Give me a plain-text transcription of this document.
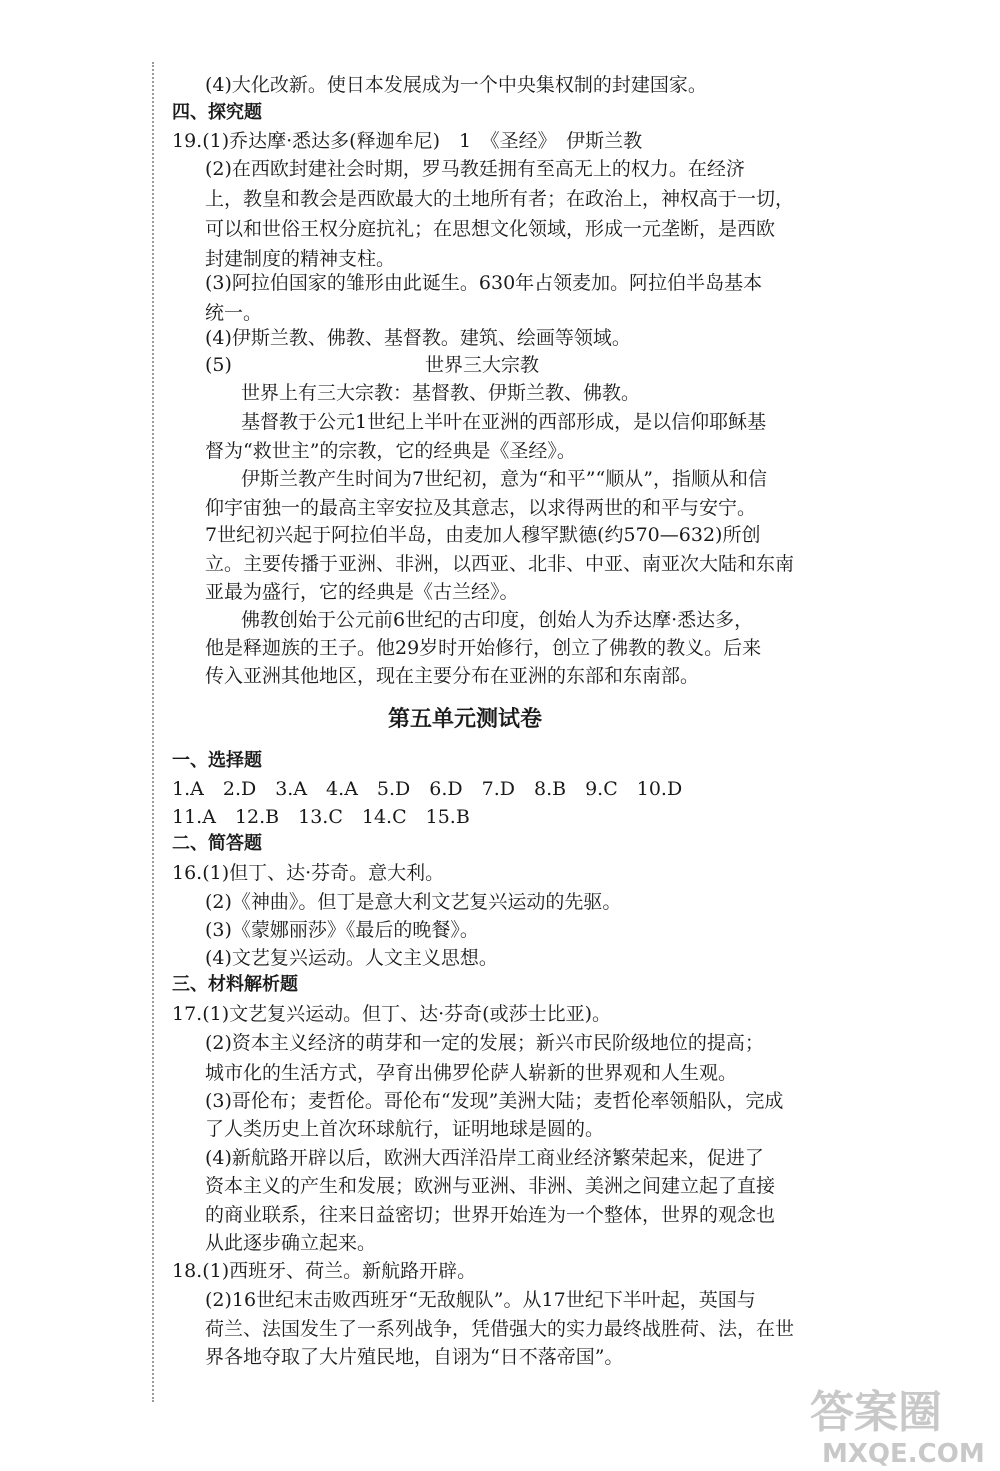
(4)大化改新。使日本发展成为一个中央集权制的封建国家。
四、探究题
19.(1)乔达摩·悉达多(释迦牟尼)　1　《圣经》　伊斯兰教
(2)在西欧封建社会时期，罗马教廷拥有至高无上的权力。在经济
上，教皇和教会是西欧最大的土地所有者；在政治上，神权高于一切，
可以和世俗王权分庭抗礼；在思想文化领域，形成一元垄断，是西欧
封建制度的精神支柱。
(3)阿拉伯国家的雏形由此诞生。630年占领麦加。阿拉伯半岛基本
统一。
(4)伊斯兰教、佛教、基督教。建筑、绘画等领域。
(5)	世界三大宗教
世界上有三大宗教：基督教、伊斯兰教、佛教。
基督教于公元1世纪上半叶在亚洲的西部形成，是以信仰耶稣基
督为“救世主”的宗教，它的经典是《圣经》。
伊斯兰教产生时间为7世纪初，意为“和平”“顺从”，指顺从和信
仰宇宙独一的最高主宰安拉及其意志，以求得两世的和平与安宁。
7世纪初兴起于阿拉伯半岛，由麦加人穆罕默德(约570—632)所创
立。主要传播于亚洲、非洲，以西亚、北非、中亚、南亚次大陆和东南
亚最为盛行，它的经典是《古兰经》。
佛教创始于公元前6世纪的古印度，创始人为乔达摩·悉达多，
他是释迦族的王子。他29岁时开始修行，创立了佛教的教义。后来
传入亚洲其他地区，现在主要分布在亚洲的东部和东南部。
第五单元测试卷
一、选择题
1.A　2.D　3.A　4.A　5.D　6.D　7.D　8.B　9.C　10.D
11.A　12.B　13.C　14.C　15.B
二、简答题
16.(1)但丁、达·芬奇。意大利。
(2)《神曲》。但丁是意大利文艺复兴运动的先驱。
(3)《蒙娜丽莎》《最后的晚餐》。
(4)文艺复兴运动。人文主义思想。
三、材料解析题
17.(1)文艺复兴运动。但丁、达·芬奇(或莎士比亚)。
(2)资本主义经济的萌芽和一定的发展；新兴市民阶级地位的提高；
城市化的生活方式，孕育出佛罗伦萨人崭新的世界观和人生观。
(3)哥伦布；麦哲伦。哥伦布“发现”美洲大陆；麦哲伦率领船队，完成
了人类历史上首次环球航行，证明地球是圆的。
(4)新航路开辟以后，欧洲大西洋沿岸工商业经济繁荣起来，促进了
资本主义的产生和发展；欧洲与亚洲、非洲、美洲之间建立起了直接
的商业联系，往来日益密切；世界开始连为一个整体，世界的观念也
从此逐步确立起来。
18.(1)西班牙、荷兰。新航路开辟。
(2)16世纪末击败西班牙“无敌舰队”。从17世纪下半叶起，英国与
荷兰、法国发生了一系列战争，凭借强大的实力最终战胜荷、法，在世
界各地夺取了大片殖民地，自诩为“日不落帝国”。
答案圈
MXQE.COM
